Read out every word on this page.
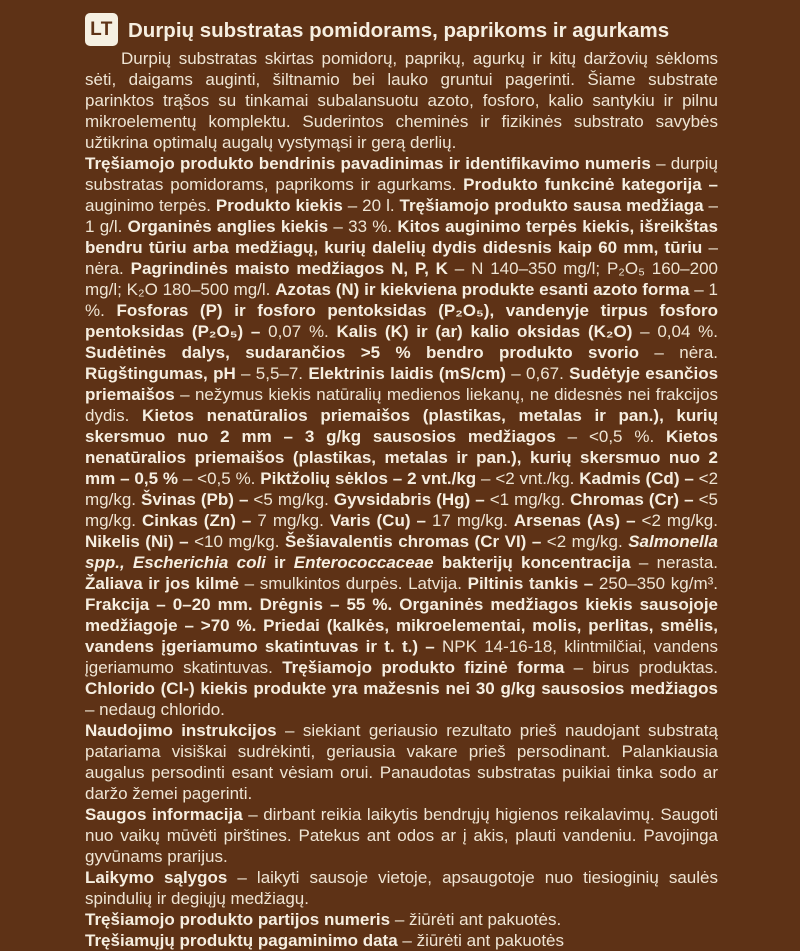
LT Durpių substratas pomidorams, paprikoms ir agurkams
Durpių substratas skirtas pomidorų, paprikų, agurkų ir kitų daržovių sėkloms sėti, daigams auginti, šiltnamio bei lauko gruntui pagerinti. Šiame substrate parinktos trąšos su tinkamai subalansuotu azoto, fosforo, kalio santykiu ir pilnu mikroelementų komplektu. Suderintos cheminės ir fizikinės substrato savybės užtikrina optimalų augalų vystymąsi ir gerą derlių.
Tręšiamojo produkto bendrinis pavadinimas ir identifikavimo numeris – durpių substratas pomidorams, paprikoms ir agurkams. Produkto funkcinė kategorija – auginimo terpės. Produkto kiekis – 20 l. Tręšiamojo produkto sausa medžiaga – 1 g/l. Organinės anglies kiekis – 33 %. Kitos auginimo terpės kiekis, išreikštas bendru tūriu arba medžiagų, kurių dalelių dydis didesnis kaip 60 mm, tūriu – nėra. Pagrindinės maisto medžiagos N, P, K – N 140–350 mg/l; P₂O₅ 160–200 mg/l; K₂O 180–500 mg/l. Azotas (N) ir kiekviena produkte esanti azoto forma – 1 %. Fosforas (P) ir fosforo pentoksidas (P₂O₅), vandenyje tirpus fosforo pentoksidas (P₂O₅) – 0,07 %. Kalis (K) ir (ar) kalio oksidas (K₂O) – 0,04 %. Sudėtinės dalys, sudarančios >5 % bendro produkto svorio – nėra. Rūgštingumas, pH – 5,5–7. Elektrinis laidis (mS/cm) – 0,67. Sudėtyje esančios priemaišos – nežymus kiekis natūralių medienos liekanų, ne didesnės nei frakcijos dydis. Kietos nenatūralios priemaišos (plastikas, metalas ir pan.), kurių skersmuo nuo 2 mm – 3 g/kg sausosios medžiagos – <0,5 %. Kietos nenatūralios priemaišos (plastikas, metalas ir pan.), kurių skersmuo nuo 2 mm – 0,5 % – <0,5 %. Piktžolių sėklos – 2 vnt./kg – <2 vnt./kg. Kadmis (Cd) – <2 mg/kg. Švinas (Pb) – <5 mg/kg. Gyvsidabris (Hg) – <1 mg/kg. Chromas (Cr) – <5 mg/kg. Cinkas (Zn) – 7 mg/kg. Varis (Cu) – 17 mg/kg. Arsenas (As) – <2 mg/kg. Nikelis (Ni) – <10 mg/kg. Šešiavalentis chromas (Cr VI) – <2 mg/kg. Salmonella spp., Escherichia coli ir Enterococcaceae bakterijų koncentracija – nerasta. Žaliava ir jos kilmė – smulkintos durpės. Latvija. Piltinis tankis – 250–350 kg/m³. Frakcija – 0–20 mm. Drėgnis – 55 %. Organinės medžiagos kiekis sausojoje medžiagoje – >70 %. Priedai (kalkės, mikroelementai, molis, perlitas, smėlis, vandens įgeriamumo skatintuvas ir t. t.) – NPK 14-16-18, klintmilčiai, vandens įgeriamumo skatintuvas. Tręšiamojo produkto fizinė forma – birus produktas. Chlorido (Cl-) kiekis produkte yra mažesnis nei 30 g/kg sausosios medžiagos – nedaug chlorido.
Naudojimo instrukcijos – siekiant geriausio rezultato prieš naudojant substratą patariama visiškai sudrėkinti, geriausia vakare prieš persodinant. Palankiausia augalus persodinti esant vėsiam orui. Panaudotas substratas puikiai tinka sodo ar daržo žemei pagerinti.
Saugos informacija – dirbant reikia laikytis bendrųjų higienos reikalavimų. Saugoti nuo vaikų mūvėti pirštines. Patekus ant odos ar į akis, plauti vandeniu. Pavojinga gyvūnams prarijus.
Laikymo sąlygos – laikyti sausoje vietoje, apsaugotoje nuo tiesioginių saulės spindulių ir degiųjų medžiagų.
Tręšiamojo produkto partijos numeris – žiūrėti ant pakuotės.
Tręšiamųjų produktų pagaminimo data – žiūrėti ant pakuotės
